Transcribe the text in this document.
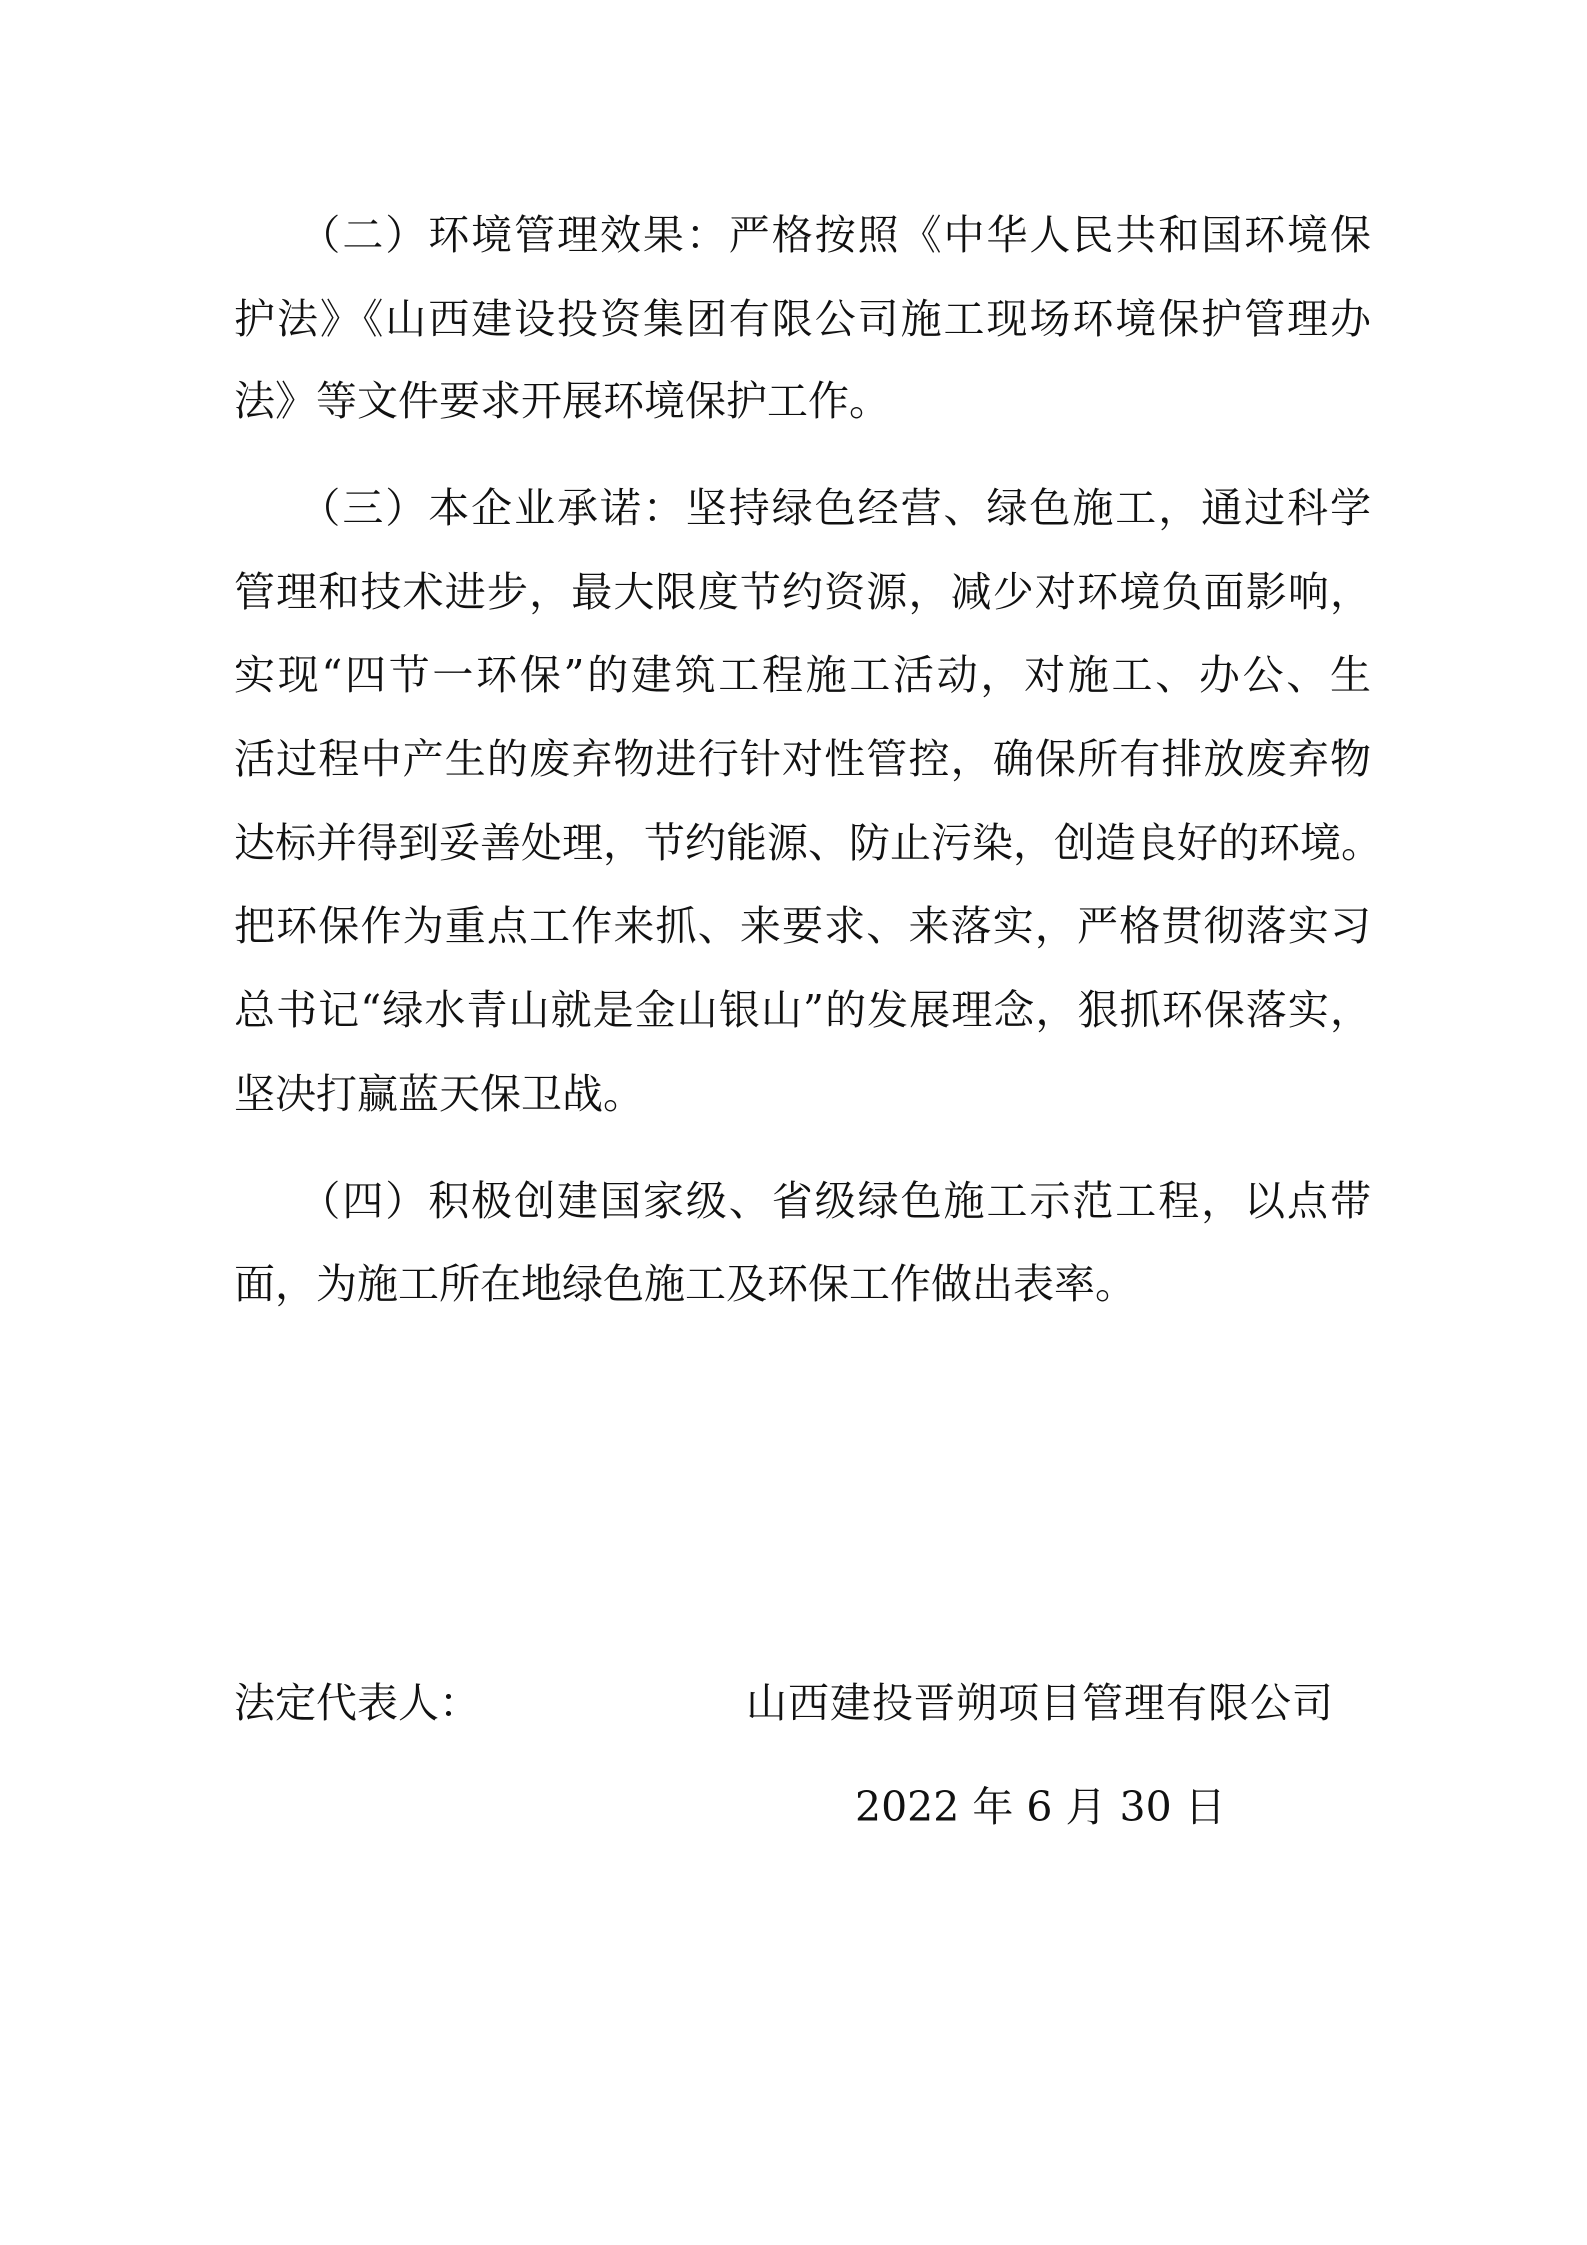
　　（二）环境管理效果：严格按照《中华人民共和国环境保
护法》《山西建设投资集团有限公司施工现场环境保护管理办
法》等文件要求开展环境保护工作。
　　（三）本企业承诺：坚持绿色经营、绿色施工，通过科学
管理和技术进步，最大限度节约资源，减少对环境负面影响，
实现“四节一环保”的建筑工程施工活动，对施工、办公、生
活过程中产生的废弃物进行针对性管控，确保所有排放废弃物
达标并得到妥善处理，节约能源、防止污染，创造良好的环境。
把环保作为重点工作来抓、来要求、来落实，严格贯彻落实习
总书记“绿水青山就是金山银山”的发展理念，狠抓环保落实，
坚决打赢蓝天保卫战。
　　（四）积极创建国家级、省级绿色施工示范工程，以点带
面，为施工所在地绿色施工及环保工作做出表率。
法定代表人：	山西建投晋朔项目管理有限公司
2022 年 6 月 30 日
